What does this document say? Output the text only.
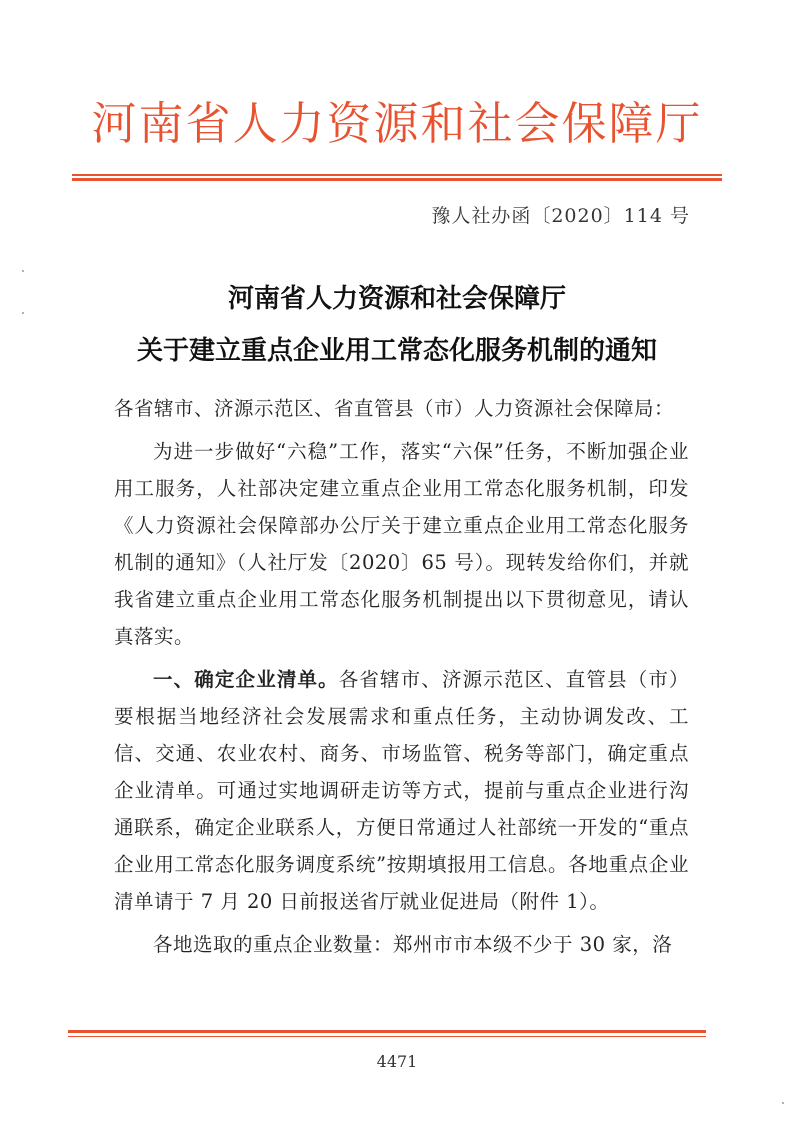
河南省人力资源和社会保障厅
豫人社办函〔2020〕114 号
河南省人力资源和社会保障厅
关于建立重点企业用工常态化服务机制的通知

各省辖市、济源示范区、省直管县（市）人力资源社会保障局：

为进一步做好“六稳”工作，落实“六保”任务，不断加强企业用工服务，人社部决定建立重点企业用工常态化服务机制，印发《人力资源社会保障部办公厅关于建立重点企业用工常态化服务机制的通知》（人社厅发〔2020〕65 号）。现转发给你们，并就我省建立重点企业用工常态化服务机制提出以下贯彻意见，请认真落实。

一、确定企业清单。各省辖市、济源示范区、直管县（市）要根据当地经济社会发展需求和重点任务，主动协调发改、工信、交通、农业农村、商务、市场监管、税务等部门，确定重点企业清单。可通过实地调研走访等方式，提前与重点企业进行沟通联系，确定企业联系人，方便日常通过人社部统一开发的“重点企业用工常态化服务调度系统”按期填报用工信息。各地重点企业清单请于 7 月 20 日前报送省厅就业促进局（附件 1）。

各地选取的重点企业数量：郑州市市本级不少于 30 家，洛

4471
